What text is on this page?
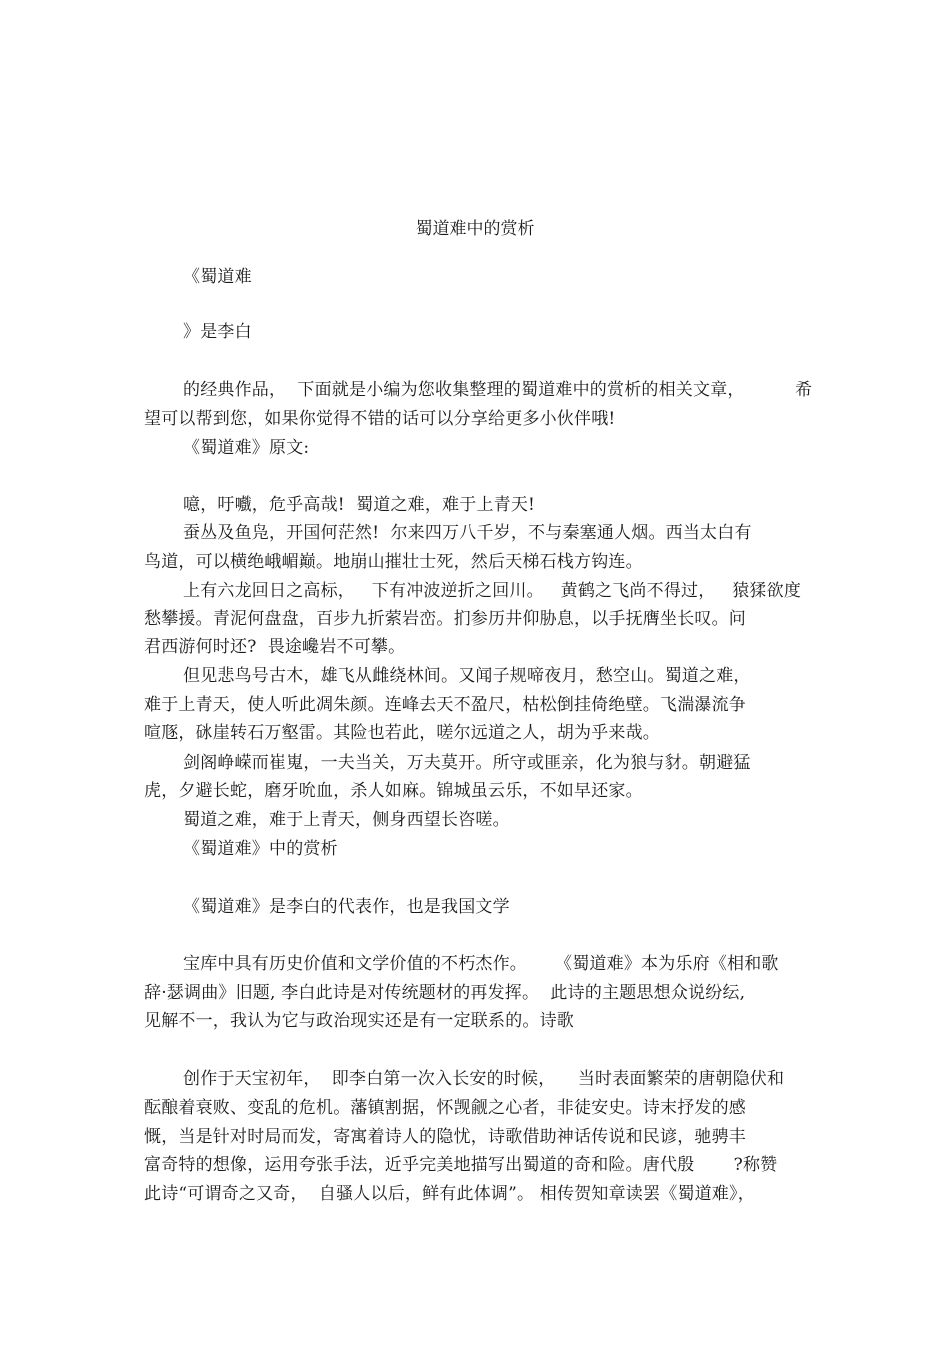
蜀道难中的赏析
《蜀道难
》是李白
的经典作品，  下面就是小编为您收集整理的蜀道难中的赏析的相关文章，         希
望可以帮到您，如果你觉得不错的话可以分享给更多小伙伴哦!
《蜀道难》原文:
噫，吁嚱，危乎高哉!  蜀道之难，难于上青天!
蚕丛及鱼凫，开国何茫然!  尔来四万八千岁，不与秦塞通人烟。西当太白有
鸟道，可以横绝峨嵋巅。地崩山摧壮士死，然后天梯石栈方钩连。
上有六龙回日之高标，   下有冲波逆折之回川。   黄鹤之飞尚不得过，   猿猱欲度
愁攀援。青泥何盘盘，百步九折萦岩峦。扪参历井仰胁息，以手抚膺坐长叹。问
君西游何时还?  畏途巉岩不可攀。
但见悲鸟号古木，雄飞从雌绕林间。又闻子规啼夜月，愁空山。蜀道之难，
难于上青天，使人听此凋朱颜。连峰去天不盈尺，枯松倒挂倚绝壁。飞湍瀑流争
喧豗，砯崖转石万壑雷。其险也若此，嗟尔远道之人，胡为乎来哉。
剑阁峥嵘而崔嵬，一夫当关，万夫莫开。所守或匪亲，化为狼与豺。朝避猛
虎，夕避长蛇，磨牙吮血，杀人如麻。锦城虽云乐，不如早还家。
蜀道之难，难于上青天，侧身西望长咨嗟。
《蜀道难》中的赏析
《蜀道难》是李白的代表作，也是我国文学
宝库中具有历史价值和文学价值的不朽杰作。     《蜀道难》本为乐府《相和歌
辞·瑟调曲》旧题, 李白此诗是对传统题材的再发挥。  此诗的主题思想众说纷纭,
见解不一，我认为它与政治现实还是有一定联系的。诗歌
创作于天宝初年，  即李白第一次入长安的时候，    当时表面繁荣的唐朝隐伏和
酝酿着衰败、变乱的危机。藩镇割据，怀觊觎之心者，非徒安史。诗末抒发的感
慨，当是针对时局而发，寄寓着诗人的隐忧，诗歌借助神话传说和民谚，驰骋丰
富奇特的想像，运用夸张手法，近乎完美地描写出蜀道的奇和险。唐代殷       ?称赞
此诗“可谓奇之又奇，  自骚人以后，鲜有此体调”。 相传贺知章读罢《蜀道难》，
